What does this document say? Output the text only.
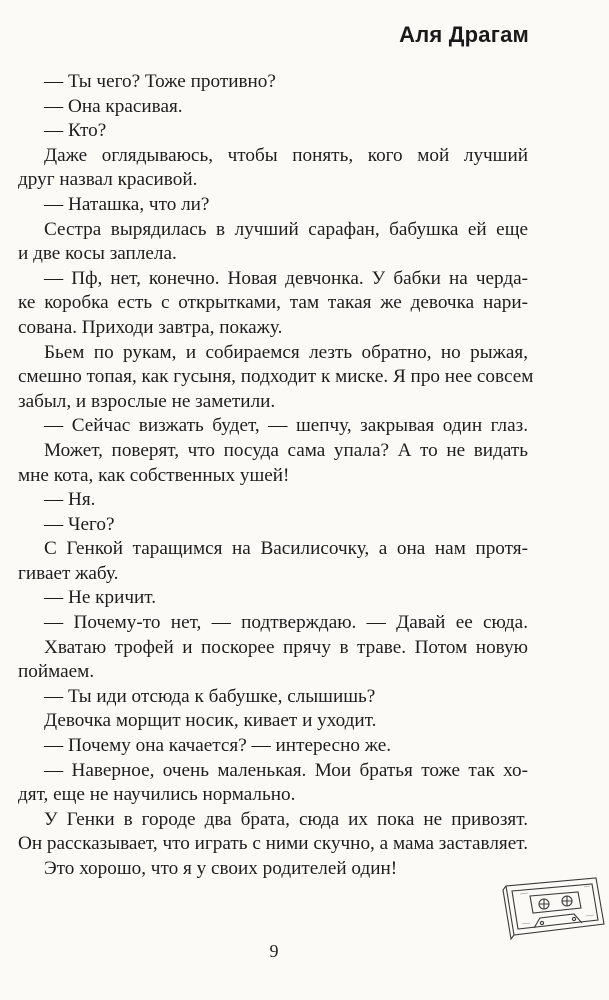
Аля Драгам
— Ты чего? Тоже противно?
— Она красивая.
— Кто?
Даже оглядываюсь, чтобы понять, кого мой лучший
друг назвал красивой.
— Наташка, что ли?
Сестра вырядилась в лучший сарафан, бабушка ей еще
и две косы заплела.
— Пф, нет, конечно. Новая девчонка. У бабки на черда-
ке коробка есть с открытками, там такая же девочка нари-
сована. Приходи завтра, покажу.
Бьем по рукам, и собираемся лезть обратно, но рыжая,
смешно топая, как гусыня, подходит к миске. Я про нее совсем
забыл, и взрослые не заметили.
— Сейчас визжать будет, — шепчу, закрывая один глаз.
Может, поверят, что посуда сама упала? А то не видать
мне кота, как собственных ушей!
— Ня.
— Чего?
С Генкой таращимся на Василисочку, а она нам протя-
гивает жабу.
— Не кричит.
— Почему-то нет, — подтверждаю. — Давай ее сюда.
Хватаю трофей и поскорее прячу в траве. Потом новую
поймаем.
— Ты иди отсюда к бабушке, слышишь?
Девочка морщит носик, кивает и уходит.
— Почему она качается? — интересно же.
— Наверное, очень маленькая. Мои братья тоже так хо-
дят, еще не научились нормально.
У Генки в городе два брата, сюда их пока не привозят.
Он рассказывает, что играть с ними скучно, а мама заставляет.
Это хорошо, что я у своих родителей один!
9
